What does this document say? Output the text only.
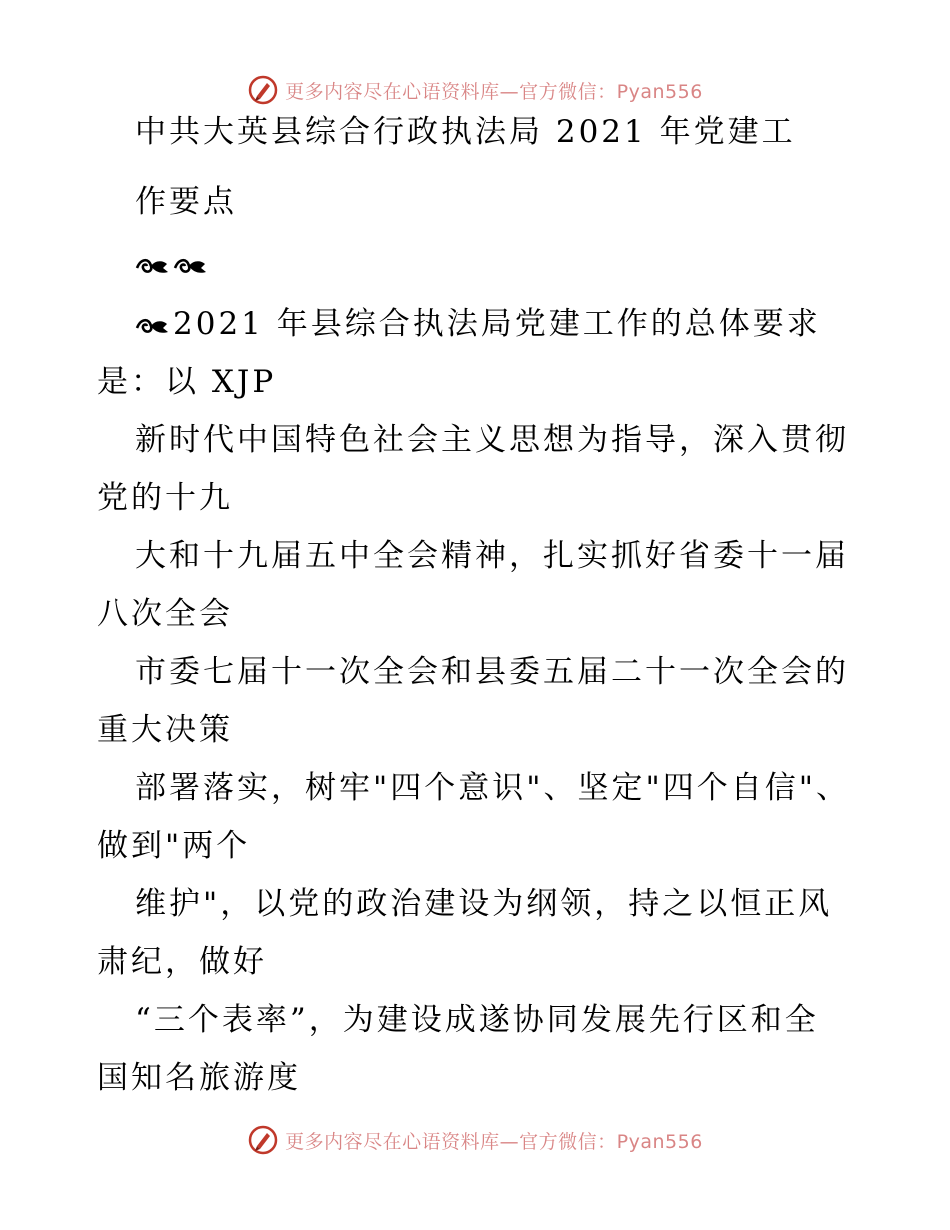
更多内容尽在心语资料库—官方微信：Pyan556
中共大英县综合行政执法局 2021 年党建工
作要点
2021 年县综合执法局党建工作的总体要求
是：以 XJP
新时代中国特色社会主义思想为指导，深入贯彻
党的十九
大和十九届五中全会精神，扎实抓好省委十一届
八次全会
市委七届十一次全会和县委五届二十一次全会的
重大决策
部署落实，树牢"四个意识"、坚定"四个自信"、
做到"两个
维护"，以党的政治建设为纲领，持之以恒正风
肃纪，做好
“三个表率”，为建设成遂协同发展先行区和全
国知名旅游度
更多内容尽在心语资料库—官方微信：Pyan556
